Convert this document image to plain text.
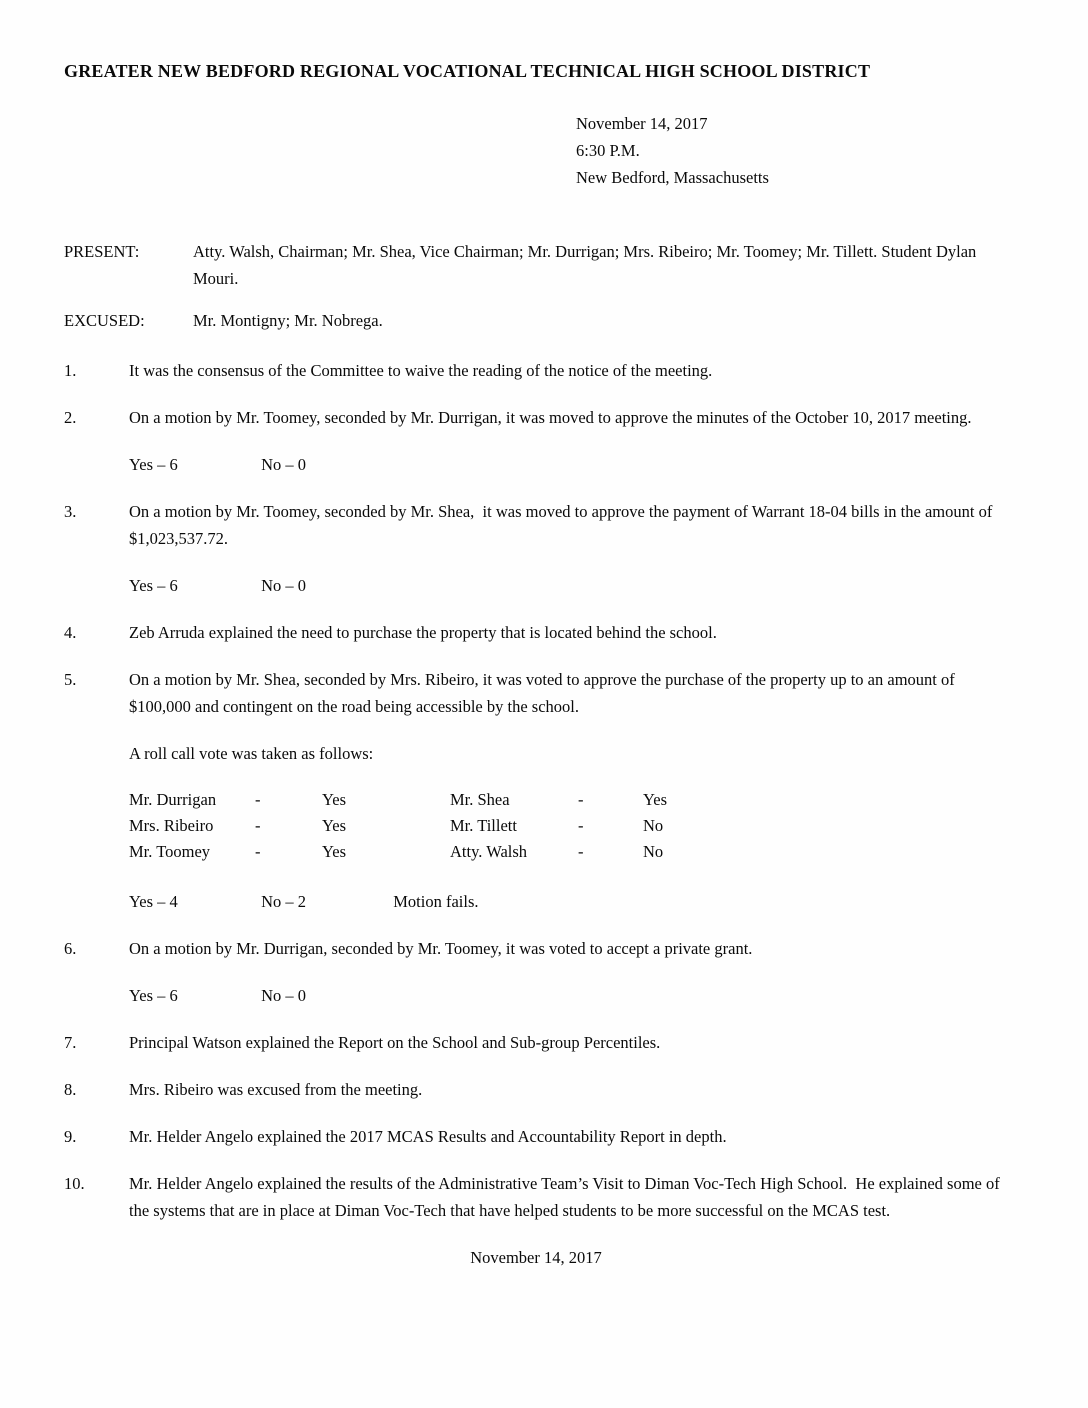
GREATER NEW BEDFORD REGIONAL VOCATIONAL TECHNICAL HIGH SCHOOL DISTRICT
November 14, 2017
6:30 P.M.
New Bedford, Massachusetts
PRESENT:	Atty. Walsh, Chairman; Mr. Shea, Vice Chairman; Mr. Durrigan; Mrs. Ribeiro; Mr. Toomey; Mr. Tillett. Student Dylan Mouri.
EXCUSED:	Mr. Montigny; Mr. Nobrega.
1.	It was the consensus of the Committee to waive the reading of the notice of the meeting.
2.	On a motion by Mr. Toomey, seconded by Mr. Durrigan, it was moved to approve the minutes of the October 10, 2017 meeting.
Yes – 6	No – 0
3.	On a motion by Mr. Toomey, seconded by Mr. Shea,  it was moved to approve the payment of Warrant 18-04 bills in the amount of $1,023,537.72.
Yes – 6	No – 0
4.	Zeb Arruda explained the need to purchase the property that is located behind the school.
5.	On a motion by Mr. Shea, seconded by Mrs. Ribeiro, it was voted to approve the purchase of the property up to an amount of $100,000 and contingent on the road being accessible by the school.
A roll call vote was taken as follows:
Mr. Durrigan	-	Yes	Mr. Shea	-	Yes
Mrs. Ribeiro	-	Yes	Mr. Tillett	-	No
Mr. Toomey	-	Yes	Atty. Walsh	-	No
Yes – 4	No – 2	Motion fails.
6.	On a motion by Mr. Durrigan, seconded by Mr. Toomey, it was voted to accept a private grant.
Yes – 6	No – 0
7.	Principal Watson explained the Report on the School and Sub-group Percentiles.
8.	Mrs. Ribeiro was excused from the meeting.
9.	Mr. Helder Angelo explained the 2017 MCAS Results and Accountability Report in depth.
10.	Mr. Helder Angelo explained the results of the Administrative Team’s Visit to Diman Voc-Tech High School.  He explained some of the systems that are in place at Diman Voc-Tech that have helped students to be more successful on the MCAS test.
November 14, 2017
